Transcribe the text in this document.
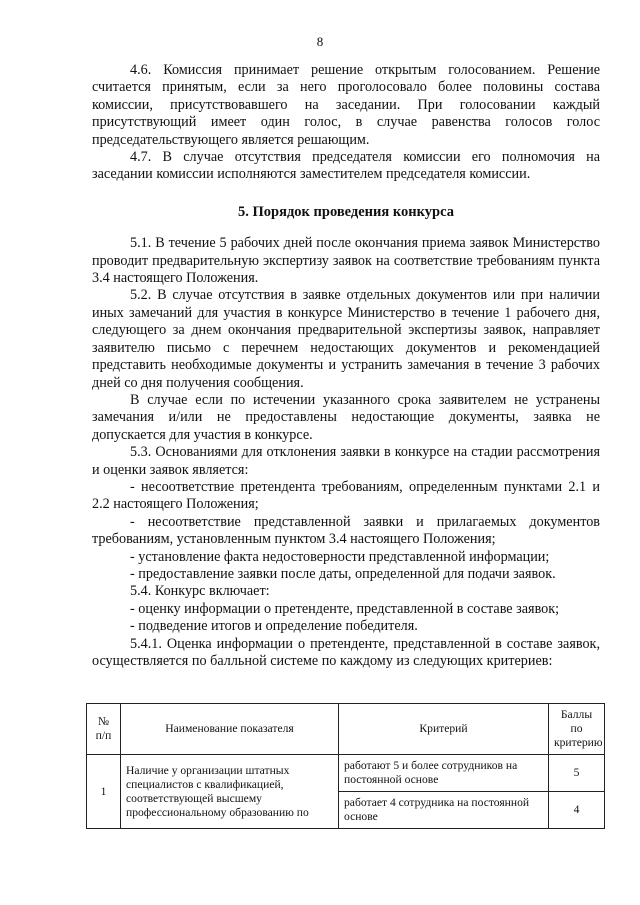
8

4.6. Комиссия принимает решение открытым голосованием. Решение считается принятым, если за него проголосовало более половины состава комиссии, присутствовавшего на заседании. При голосовании каждый присутствующий имеет один голос, в случае равенства голосов голос председательствующего является решающим.

4.7. В случае отсутствия председателя комиссии его полномочия на заседании комиссии исполняются заместителем председателя комиссии.

5. Порядок проведения конкурса

5.1. В течение 5 рабочих дней после окончания приема заявок Министерство проводит предварительную экспертизу заявок на соответствие требованиям пункта 3.4 настоящего Положения.

5.2. В случае отсутствия в заявке отдельных документов или при наличии иных замечаний для участия в конкурсе Министерство в течение 1 рабочего дня, следующего за днем окончания предварительной экспертизы заявок, направляет заявителю письмо с перечнем недостающих документов и рекомендацией представить необходимые документы и устранить замечания в течение 3 рабочих дней со дня получения сообщения.

В случае если по истечении указанного срока заявителем не устранены замечания и/или не предоставлены недостающие документы, заявка не допускается для участия в конкурсе.

5.3. Основаниями для отклонения заявки в конкурсе на стадии рассмотрения и оценки заявок является:

- несоответствие претендента требованиям, определенным пунктами 2.1 и 2.2 настоящего Положения;

- несоответствие представленной заявки и прилагаемых документов требованиям, установленным пунктом 3.4 настоящего Положения;

- установление факта недостоверности представленной информации;

- предоставление заявки после даты, определенной для подачи заявок.

5.4. Конкурс включает:

- оценку информации о претенденте, представленной в составе заявок;

- подведение итогов и определение победителя.

5.4.1. Оценка информации о претенденте, представленной в составе заявок, осуществляется по балльной системе по каждому из следующих критериев:

№ п/п	Наименование показателя	Критерий	Баллы по критерию
1	Наличие у организации штатных специалистов с квалификацией, соответствующей высшему профессиональному образованию по	работают 5 и более сотрудников на постоянной основе	5
		работает 4 сотрудника на постоянной основе	4
